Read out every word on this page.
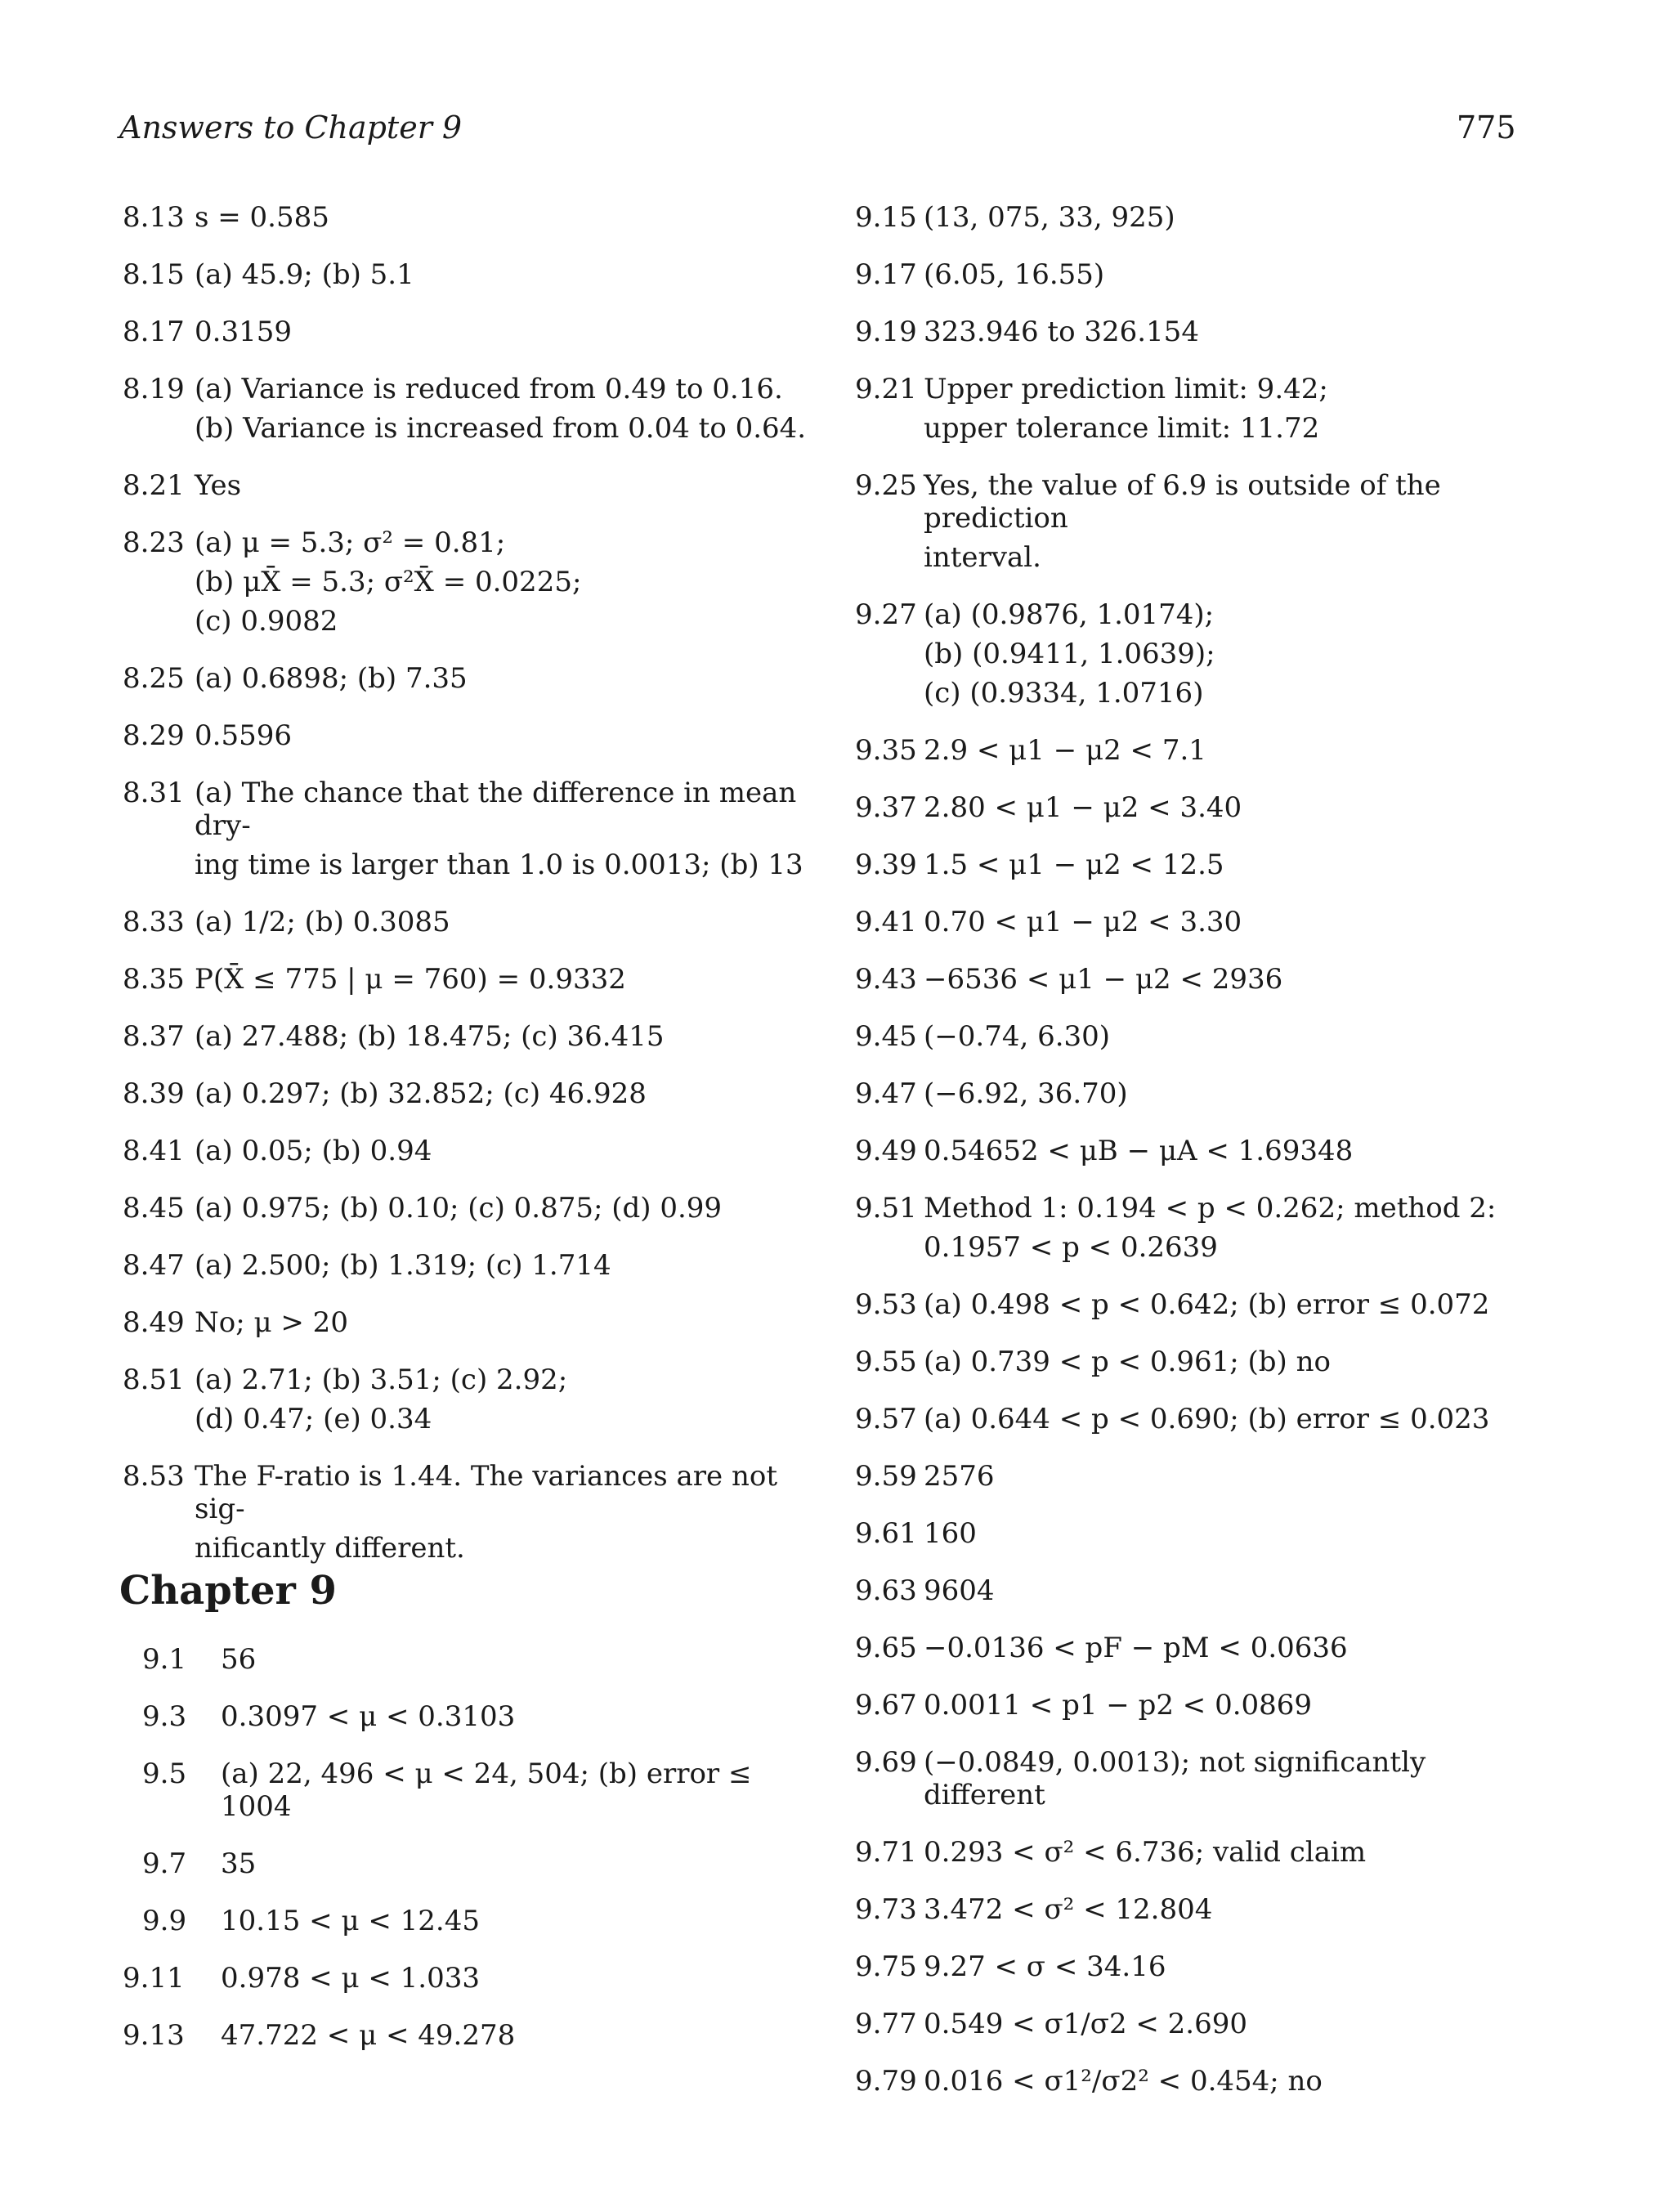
Answers to Chapter 9	775
8.13 s = 0.585
8.15 (a) 45.9; (b) 5.1
8.17 0.3159
8.19 (a) Variance is reduced from 0.49 to 0.16.
(b) Variance is increased from 0.04 to 0.64.
8.21 Yes
8.23 (a) μ = 5.3; σ² = 0.81;
(b) μX̄ = 5.3; σ²X̄ = 0.0225;
(c) 0.9082
8.25 (a) 0.6898; (b) 7.35
8.29 0.5596
8.31 (a) The chance that the difference in mean dry-
ing time is larger than 1.0 is 0.0013; (b) 13
8.33 (a) 1/2; (b) 0.3085
8.35 P(X̄ ≤ 775 | μ = 760) = 0.9332
8.37 (a) 27.488; (b) 18.475; (c) 36.415
8.39 (a) 0.297; (b) 32.852; (c) 46.928
8.41 (a) 0.05; (b) 0.94
8.45 (a) 0.975; (b) 0.10; (c) 0.875; (d) 0.99
8.47 (a) 2.500; (b) 1.319; (c) 1.714
8.49 No; μ > 20
8.51 (a) 2.71; (b) 3.51; (c) 2.92;
(d) 0.47; (e) 0.34
8.53 The F-ratio is 1.44. The variances are not sig-
nificantly different.
Chapter 9
9.1	56
9.3	0.3097 < μ < 0.3103
9.5	(a) 22, 496 < μ < 24, 504; (b) error ≤ 1004
9.7	35
9.9	10.15 < μ < 12.45
9.11	0.978 < μ < 1.033
9.13	47.722 < μ < 49.278
9.15 (13, 075, 33, 925)
9.17 (6.05, 16.55)
9.19 323.946 to 326.154
9.21 Upper prediction limit: 9.42;
upper tolerance limit: 11.72
9.25 Yes, the value of 6.9 is outside of the prediction
interval.
9.27 (a) (0.9876, 1.0174);
(b) (0.9411, 1.0639);
(c) (0.9334, 1.0716)
9.35 2.9 < μ1 − μ2 < 7.1
9.37 2.80 < μ1 − μ2 < 3.40
9.39 1.5 < μ1 − μ2 < 12.5
9.41 0.70 < μ1 − μ2 < 3.30
9.43 −6536 < μ1 − μ2 < 2936
9.45 (−0.74, 6.30)
9.47 (−6.92, 36.70)
9.49 0.54652 < μB − μA < 1.69348
9.51 Method 1: 0.194 < p < 0.262; method 2:
0.1957 < p < 0.2639
9.53 (a) 0.498 < p < 0.642; (b) error ≤ 0.072
9.55 (a) 0.739 < p < 0.961; (b) no
9.57 (a) 0.644 < p < 0.690; (b) error ≤ 0.023
9.59 2576
9.61 160
9.63 9604
9.65 −0.0136 < pF − pM < 0.0636
9.67 0.0011 < p1 − p2 < 0.0869
9.69 (−0.0849, 0.0013); not significantly different
9.71 0.293 < σ² < 6.736; valid claim
9.73 3.472 < σ² < 12.804
9.75 9.27 < σ < 34.16
9.77 0.549 < σ1/σ2 < 2.690
9.79 0.016 < σ1²/σ2² < 0.454; no
